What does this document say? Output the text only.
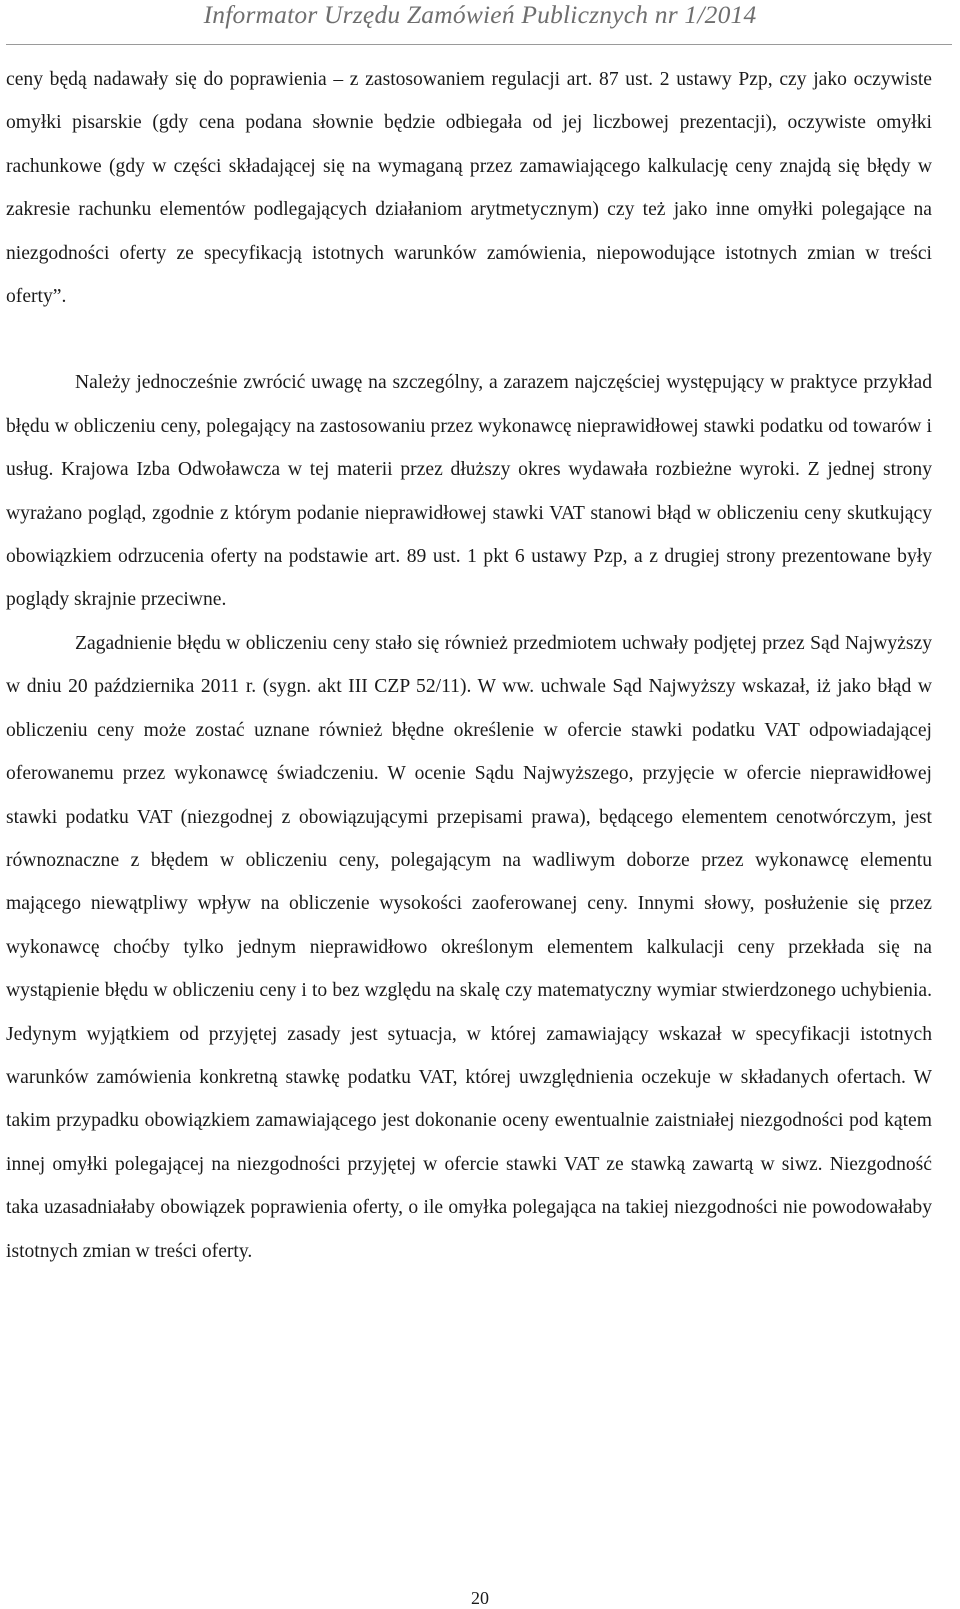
Informator Urzędu Zamówień Publicznych nr 1/2014

ceny będą nadawały się do poprawienia – z zastosowaniem regulacji art. 87 ust. 2 ustawy Pzp, czy jako oczywiste omyłki pisarskie (gdy cena podana słownie będzie odbiegała od jej liczbowej prezentacji), oczywiste omyłki rachunkowe (gdy w części składającej się na wymaganą przez zamawiającego kalkulację ceny znajdą się błędy w zakresie rachunku elementów podlegających działaniom arytmetycznym) czy też jako inne omyłki polegające na niezgodności oferty ze specyfikacją istotnych warunków zamówienia, niepowodujące istotnych zmian w treści oferty”.

Należy jednocześnie zwrócić uwagę na szczególny, a zarazem najczęściej występujący w praktyce przykład błędu w obliczeniu ceny, polegający na zastosowaniu przez wykonawcę nieprawidłowej stawki podatku od towarów i usług. Krajowa Izba Odwoławcza w tej materii przez dłuższy okres wydawała rozbieżne wyroki. Z jednej strony wyrażano pogląd, zgodnie z którym podanie nieprawidłowej stawki VAT stanowi błąd w obliczeniu ceny skutkujący obowiązkiem odrzucenia oferty na podstawie art. 89 ust. 1 pkt 6 ustawy Pzp, a z drugiej strony prezentowane były poglądy skrajnie przeciwne.

Zagadnienie błędu w obliczeniu ceny stało się również przedmiotem uchwały podjętej przez Sąd Najwyższy w dniu 20 października 2011 r. (sygn. akt III CZP 52/11). W ww. uchwale Sąd Najwyższy wskazał, iż jako błąd w obliczeniu ceny może zostać uznane również błędne określenie w ofercie stawki podatku VAT odpowiadającej oferowanemu przez wykonawcę świadczeniu. W ocenie Sądu Najwyższego, przyjęcie w ofercie nieprawidłowej stawki podatku VAT (niezgodnej z obowiązującymi przepisami prawa), będącego elementem cenotwórczym, jest równoznaczne z błędem w obliczeniu ceny, polegającym na wadliwym doborze przez wykonawcę elementu mającego niewątpliwy wpływ na obliczenie wysokości zaoferowanej ceny. Innymi słowy, posłużenie się przez wykonawcę choćby tylko jednym nieprawidłowo określonym elementem kalkulacji ceny przekłada się na wystąpienie błędu w obliczeniu ceny i to bez względu na skalę czy matematyczny wymiar stwierdzonego uchybienia. Jedynym wyjątkiem od przyjętej zasady jest sytuacja, w której zamawiający wskazał w specyfikacji istotnych warunków zamówienia konkretną stawkę podatku VAT, której uwzględnienia oczekuje w składanych ofertach. W takim przypadku obowiązkiem zamawiającego jest dokonanie oceny ewentualnie zaistniałej niezgodności pod kątem innej omyłki polegającej na niezgodności przyjętej w ofercie stawki VAT ze stawką zawartą w siwz. Niezgodność taka uzasadniałaby obowiązek poprawienia oferty, o ile omyłka polegająca na takiej niezgodności nie powodowałaby istotnych zmian w treści oferty.

20
